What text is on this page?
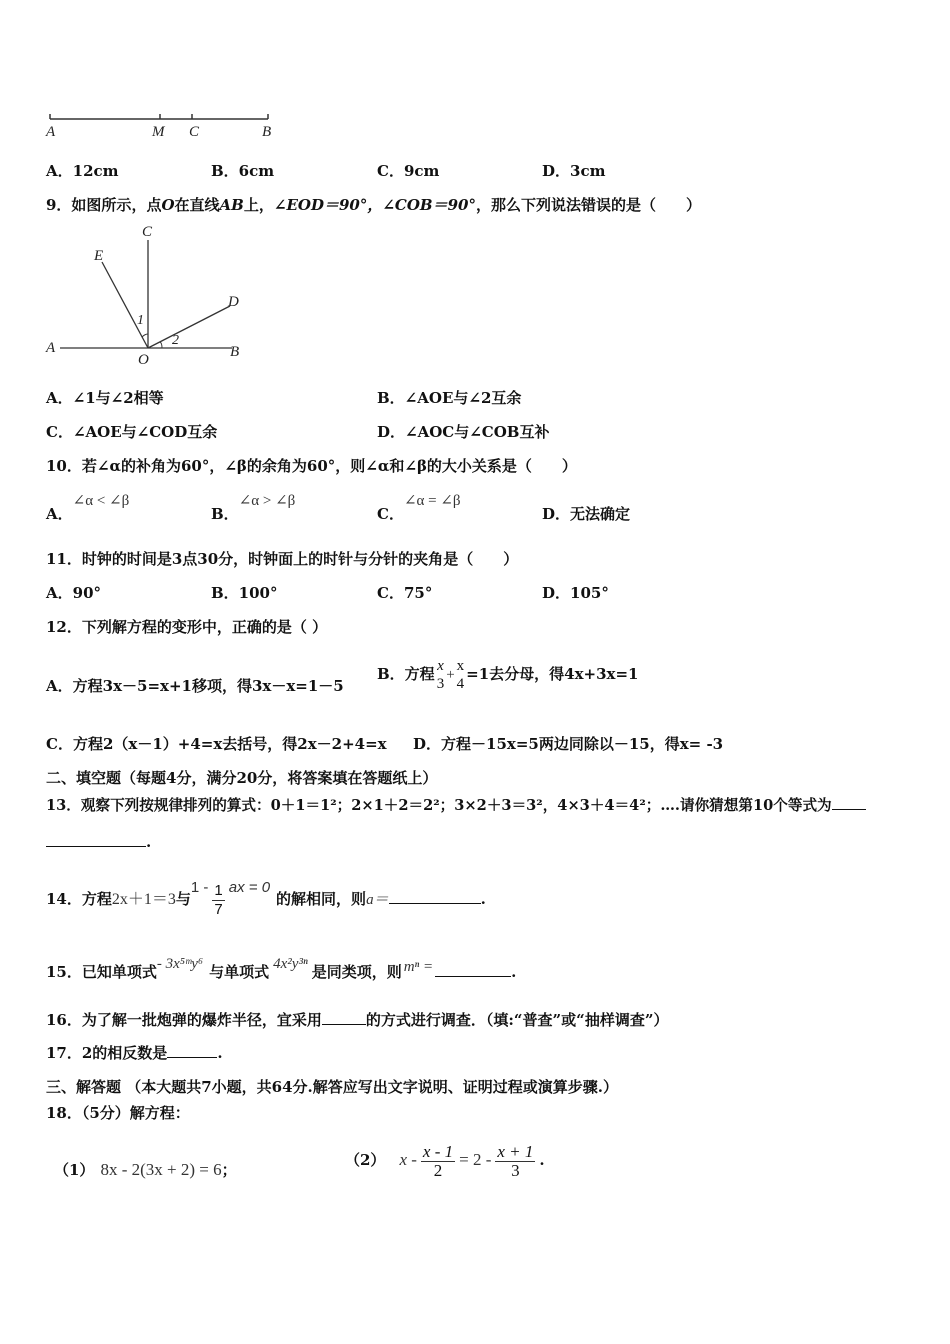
A	M C	B
A．12cm	B．6cm	C．9cm	D．3cm
9．如图所示，点O在直线AB上，∠EOD＝90°，∠COB＝90°，那么下列说法错误的是（　　）
C
E
D
1
2
A
O	B
A．∠1与∠2相等	B．∠AOE与∠2互余
C．∠AOE与∠COD互余	D．∠AOC与∠COB互补
10．若∠α的补角为60°，∠β的余角为60°，则∠α和∠β的大小关系是（　　）
A．∠α < ∠β
B．∠α > ∠β
C．∠α = ∠β
D．无法确定
11．时钟的时间是3点30分，时钟面上的时针与分针的夹角是（　　）
A．90°	B．100°	C．75°	D．105°
12．下列解方程的变形中，正确的是（ ）
A．方程3x－5=x+1移项，得3x－x=1－5
B．方程 x
3
+
x
4
=1去分母，得4x+3x=1
C．方程2（x－1）+4=x去括号，得2x－2+4=x D．方程－15x=5两边同除以－15，得x= -3
二、填空题（每题4分，满分20分，将答案填在答题纸上）
13．观察下列按规律排列的算式：0＋1＝1²；2×1＋2＝2²；3×2＋3＝3²，4×3＋4＝4²；….请你猜想第10个等式为
.
14．方程2x＋1＝3与$1 - \frac{1}{7}$ ax = 0的解相同，则a＝	.
15．已知单项式- 3x⁵ᵐy⁶ 与单项式 4x²y³ⁿ 是同类项，则 mⁿ =	.
16．为了解一批炮弹的爆炸半径，宜采用	的方式进行调查．（填:“普查”或“抽样调查”）
17．2的相反数是	.
三、解答题 （本大题共7小题，共64分.解答应写出文字说明、证明过程或演算步骤.）
18．（5分）解方程：
（1） 8x - 2(3x + 2) = 6；
（2） $x - \frac{x - 1}{2} = 2 - \frac{x + 1}{3}$ .
